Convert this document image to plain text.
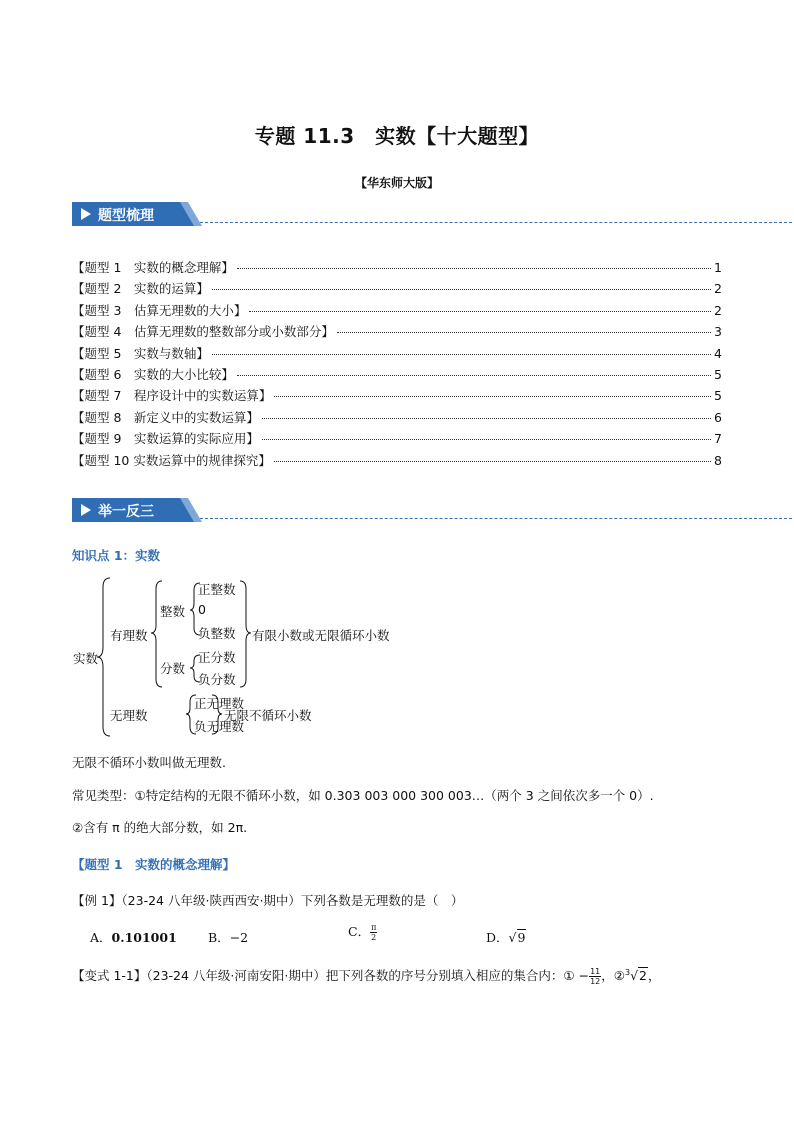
专题 11.3　实数【十大题型】
【华东师大版】
题型梳理
【题型 1　实数的概念理解】	1
【题型 2　实数的运算】	2
【题型 3　估算无理数的大小】	2
【题型 4　估算无理数的整数部分或小数部分】	3
【题型 5　实数与数轴】	4
【题型 6　实数的大小比较】	5
【题型 7　程序设计中的实数运算】	5
【题型 8　新定义中的实数运算】	6
【题型 9　实数运算的实际应用】	7
【题型 10 实数运算中的规律探究】	8
举一反三
知识点 1：实数
实数
有理数
整数
正整数
0
负整数
分数
正分数
负分数
有限小数或无限循环小数
无理数
正无理数
负无理数
无限不循环小数
无限不循环小数叫做无理数.
常见类型：①特定结构的无限不循环小数，如 0.303 003 000 300 003…（两个 3 之间依次多一个 0）.
②含有 π 的绝大部分数，如 2π.
【题型 1　实数的概念理解】
【例 1】（23-24 八年级·陕西西安·期中）下列各数是无理数的是（　）
A．0.101001 B．−2	C． $\frac{\pi}{2}$	D．√9
【变式 1-1】（23-24 八年级·河南安阳·期中）把下列各数的序号分别填入相应的集合内：① − $\frac{11}{12}$ ，②$^3$√2，
